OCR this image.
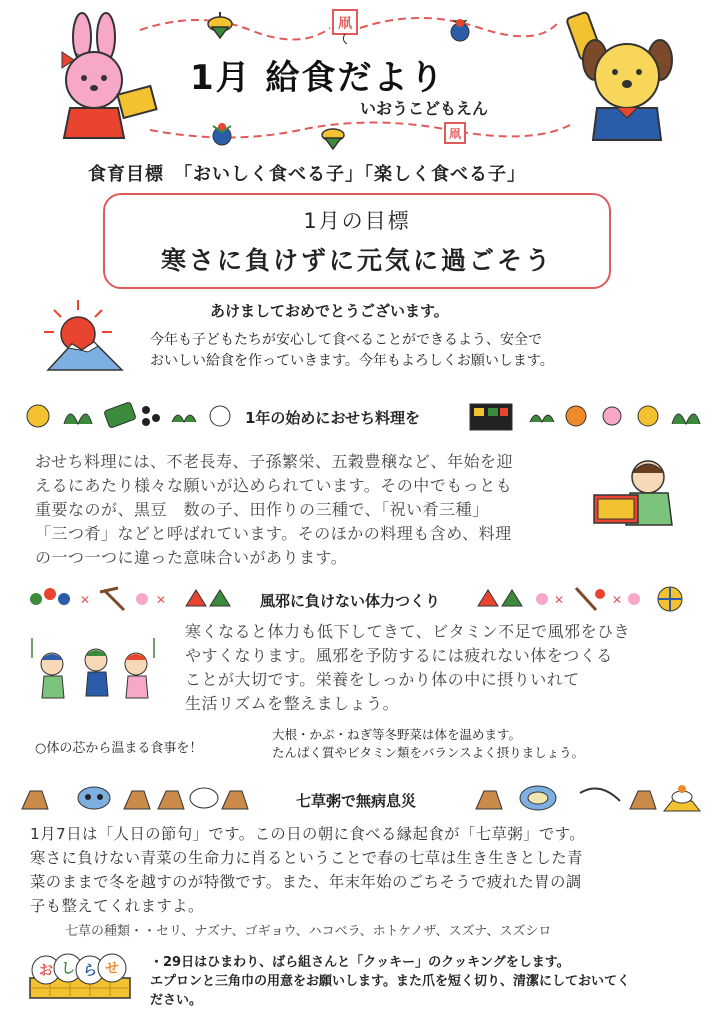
凧
凧
1月 給食だより
いおうこどもえん
食育目標　「おいしく食べる子」「楽しく食べる子」
1月の目標
寒さに負けずに元気に過ごそう
あけましておめでとうございます。
今年も子どもたちが安心して食べることができるよう、安全で
おいしい給食を作っていきます。今年もよろしくお願いします。
1年の始めにおせち料理を
おせち料理には、不老長寿、子孫繁栄、五穀豊穣など、年始を迎
えるにあたり様々な願いが込められています。その中でもっとも
重要なのが、黒豆　数の子、田作りの三種で、「祝い肴三種」
「三つ肴」などと呼ばれています。そのほかの料理も含め、料理
の一つ一つに違った意味合いがあります。
✕	✕	✕	✕
風邪に負けない体力つくり
寒くなると体力も低下してきて、ビタミン不足で風邪をひき
やすくなります。風邪を予防するには疲れない体をつくる
ことが大切です。栄養をしっかり体の中に摂りいれて
生活リズムを整えましょう。
○体の芯から温まる食事を！
大根・かぶ・ねぎ等冬野菜は体を温めます。
たんぱく質やビタミン類をバランスよく摂りましょう。
七草粥で無病息災
1月7日は「人日の節句」です。この日の朝に食べる縁起食が「七草粥」です。
寒さに負けない青菜の生命力に肖るということで春の七草は生き生きとした青
菜のままで冬を越すのが特徴です。また、年末年始のごちそうで疲れた胃の調
子も整えてくれますよ。
七草の種類・・セリ、ナズナ、ゴギョウ、ハコベラ、ホトケノザ、スズナ、スズシロ
お し ら せ ・29日はひまわり、ばら組さんと「クッキー」のクッキングをします。
エプロンと三角巾の用意をお願いします。また爪を短く切り、清潔にしておいてく
ださい。
